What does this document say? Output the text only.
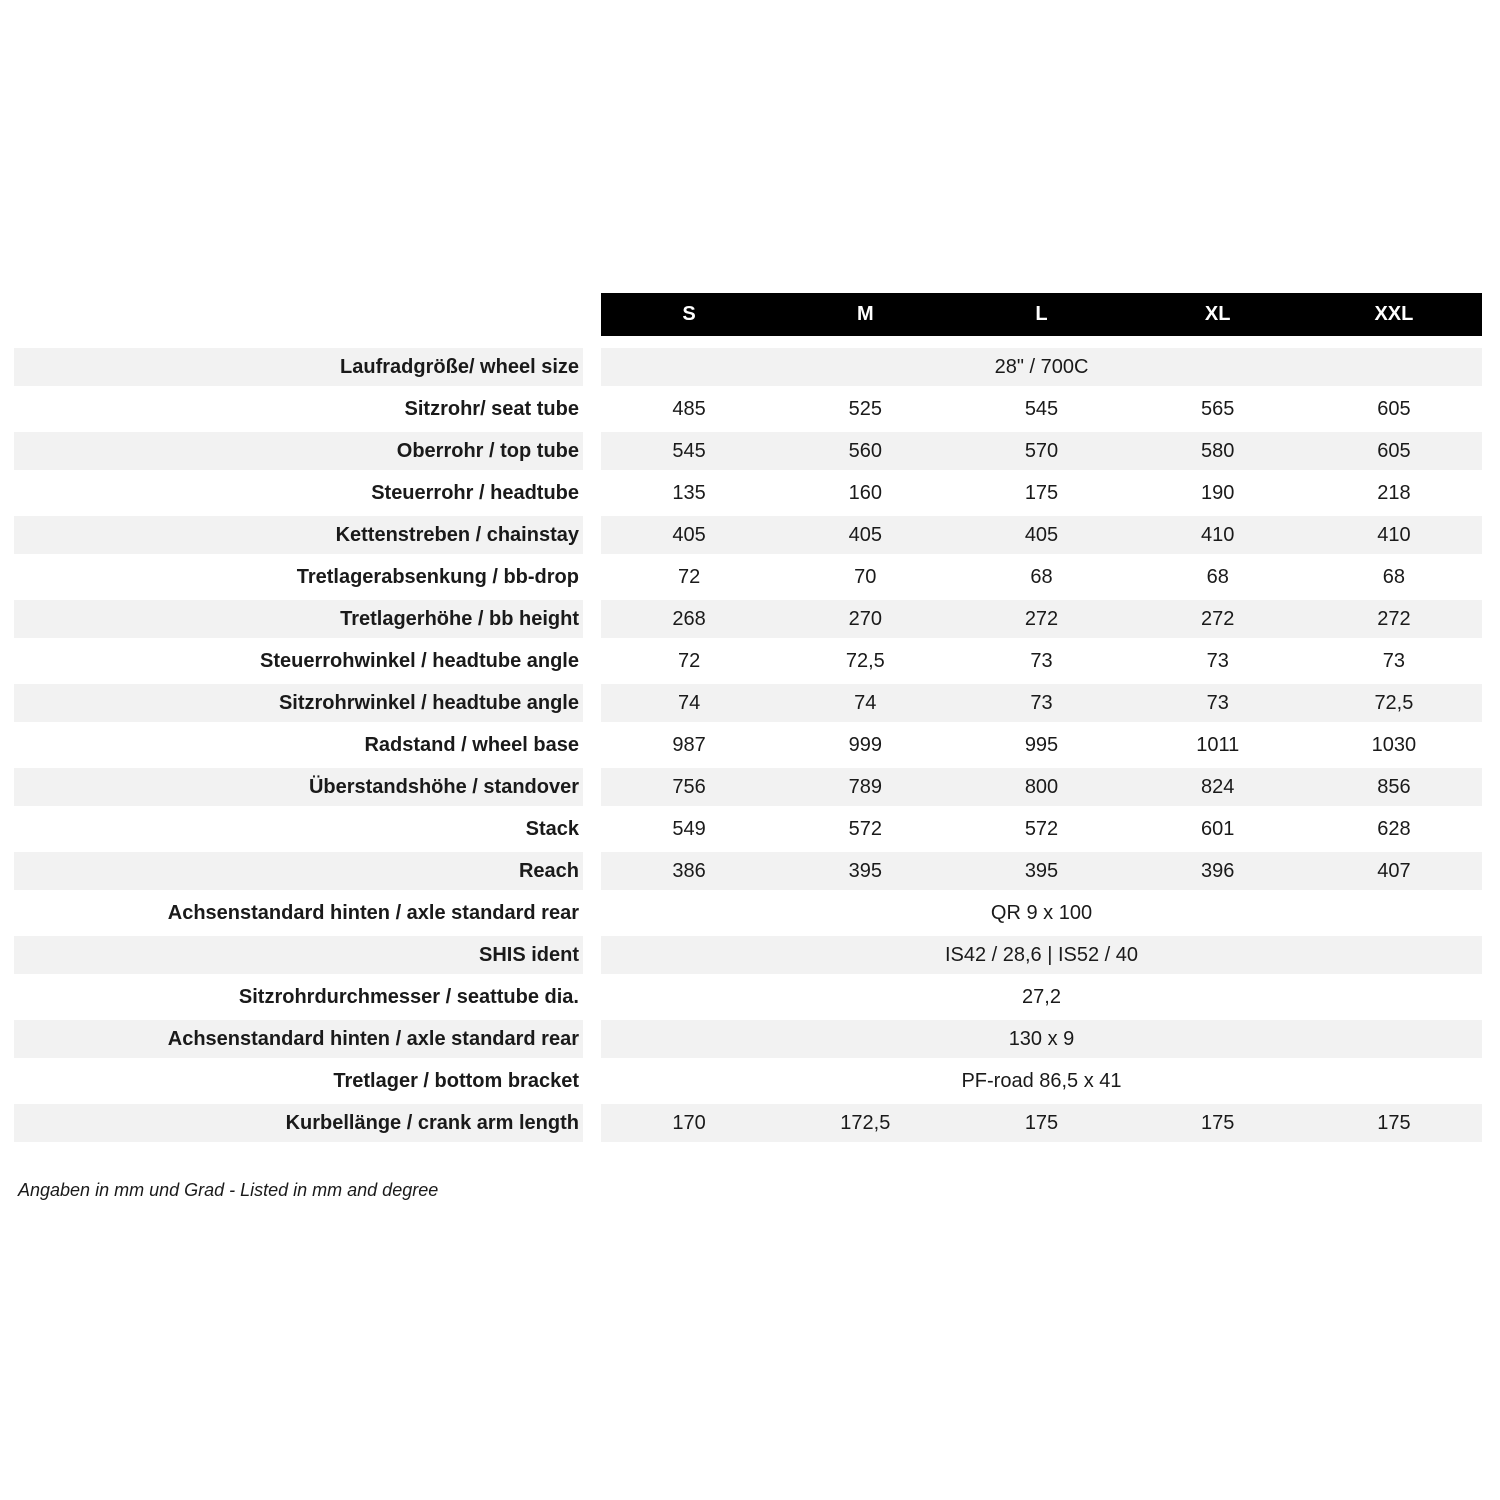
S	M	L	XL	XXL
Laufradgröße/ wheel size	28" / 700C
Sitzrohr/ seat tube	485	525	545	565	605
Oberrohr / top tube	545	560	570	580	605
Steuerrohr / headtube	135	160	175	190	218
Kettenstreben / chainstay	405	405	405	410	410
Tretlagerabsenkung / bb-drop	72	70	68	68	68
Tretlagerhöhe / bb height	268	270	272	272	272
Steuerrohwinkel / headtube angle	72	72,5	73	73	73
Sitzrohrwinkel / headtube angle	74	74	73	73	72,5
Radstand / wheel base	987	999	995	1011	1030
Überstandshöhe / standover	756	789	800	824	856
Stack	549	572	572	601	628
Reach	386	395	395	396	407
Achsenstandard hinten / axle standard rear	QR 9 x 100
SHIS ident	IS42 / 28,6 | IS52 / 40
Sitzrohrdurchmesser / seattube dia.	27,2
Achsenstandard hinten / axle standard rear	130 x 9
Tretlager / bottom bracket	PF-road 86,5 x 41
Kurbellänge / crank arm length	170	172,5	175	175	175
Angaben in mm und Grad - Listed in mm and degree
